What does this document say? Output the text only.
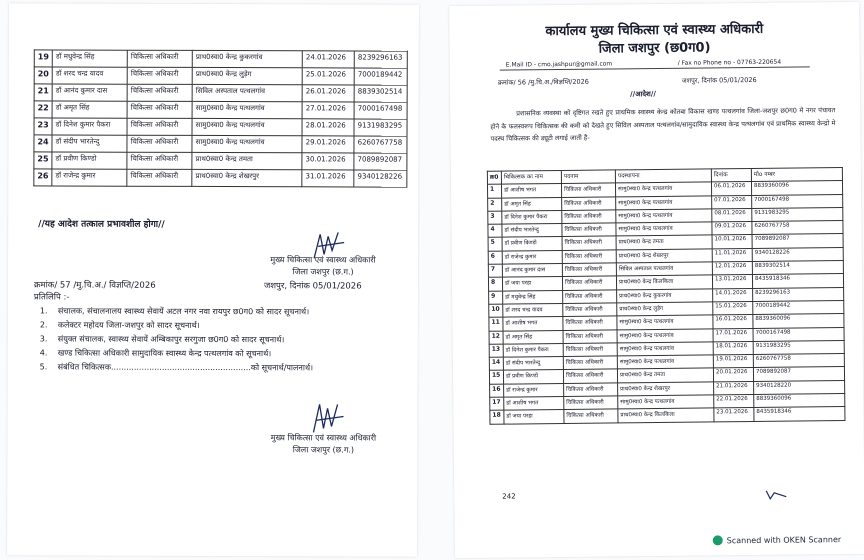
19	डॉ मधुवेन्द्र सिंह	चिकित्सा अधिकारी	प्राथ0स्वा0 केन्द्र कुकरगांव	24.01.2026	8239296163
20	डॉ शरद चन्द्र यादव	चिकित्सा अधिकारी	प्राथ0स्वा0 केन्द्र लुड़ेग	25.01.2026	7000189442
21	डॉ आनंद कुमार दास	चिकित्सा अधिकारी	सिविल अस्पताल पत्थलगांव	26.01.2026	8839302514
22	डॉ अमृत सिंह	चिकित्सा अधिकारी	सामु0स्वा0 केन्द्र पत्थलगांव	27.01.2026	7000167498
23	डॉ दिनेश कुमार पैकरा	चिकित्सा अधिकारी	सामु0स्वा0 केन्द्र पत्थलगांव	28.01.2026	9131983295
24	डॉ संदीप भारतेन्दु	चिकित्सा अधिकारी	सामु0स्वा0 केन्द्र पत्थलगांव	29.01.2026	6260767758
25	डॉ प्रवीण किण्डो	चिकित्सा अधिकारी	प्राथ0स्वा0 केन्द्र तमता	30.01.2026	7089892087
26	डॉ राजेन्द्र कुमार	चिकित्सा अधिकारी	प्राथ0स्वा0 केन्द्र शेखरपुर	31.01.2026	9340128226
//यह आदेश तत्काल प्रभावशील होगा//
मुख्य चिकित्सा एवं स्वास्थ्य अधिकारी
जिला जशपुर (छ.ग.)
क्रमांक/ 57 /मु.चि.अ./ विज्ञप्ति/2026	जशपुर, दिनांक 05/01/2026
प्रतिलिपि :-
1.	संचालक, संचालनालय स्वास्थ्य सेवायें अटल नगर नवा रायपुर छ0ग0 को सादर सूचनार्थ।
2.	कलेक्टर महोदय जिला-जशपुर को सादर सूचनार्थ।
3.	संयुक्त संचालक, स्वास्थ्य सेवायें अम्बिकापुर सरगुजा छ0ग0 को सादर सूचनार्थ।
4.	खण्ड चिकित्सा अधिकारी सामुदायिक स्वास्थ्य केन्द्र पत्थलगांव को सूचनार्थ।
5.	संबंधित चिकित्सक.......................................................को सूचनार्थ/पालनार्थ।
मुख्य चिकित्सा एवं स्वास्थ्य अधिकारी
जिला जशपुर (छ.ग.)
कार्यालय मुख्य चिकित्सा एवं स्वास्थ्य अधिकारी
जिला जशपुर (छ0ग0)
E.Mail ID - cmo.jashpur@gmail.com	/ Fax no Phone no - 07763-220654
क्रमांक/ 56 /मु.चि.अ./विज्ञप्ति/2026	जशपुर, दिनांक 05/01/2026
//आदेश//
प्रशासनिक व्यवस्था को दृष्टिगत रखते हुए प्राथमिक स्वास्थ्य केन्द्र कोतबा विकास खण्ड पत्थलगांव जिला-जशपुर छ0ग0 मे नगर पंचायत होने के फलस्वरूप चिकित्सक की कमी को देखते हुए सिविल अस्पताल पत्थलगांव/सामुदायिक स्वास्थ्य केन्द्र पत्थलगांव एवं प्राथमिक स्वास्थ्य केन्द्रो मे पदस्थ चिकित्सक की ड्यूटी लगाई जाती है-
क्र0	चिकित्सक का नाम	पदनाम	पदस्थापना	दिनांक	मोo नम्बर
1	डॉ आशीष भगत	चिकित्सा अधिकारी	सामु0स्वा0 केन्द्र पत्थलगांव	06.01.2026	8839360096
2	डॉ अमृत सिंह	चिकित्सा अधिकारी	सामु0स्वा0 केन्द्र पत्थलगांव	07.01.2026	7000167498
3	डॉ दिनेश कुमार पैकरा	चिकित्सा अधिकारी	सामु0स्वा0 केन्द्र पत्थलगांव	08.01.2026	9131983295
4	डॉ संदीप भारतेन्दु	चिकित्सा अधिकारी	सामु0स्वा0 केन्द्र पत्थलगांव	09.01.2026	6260767758
5	डॉ प्रवीण किण्डो	चिकित्सा अधिकारी	प्राथ0स्वा0 केन्द्र तमता	10.01.2026	7089892087
6	डॉ राजेन्द्र कुमार	चिकित्सा अधिकारी	प्राथ0स्वा0 केन्द्र शेखरपुर	11.01.2026	9340128226
7	डॉ आनंद कुमार दास	चिकित्सा अधिकारी	सिविल अस्पताल पत्थलगांव	12.01.2026	8839302514
8	डॉ जया परहा	चिकित्सा अधिकारी	प्राथ0स्वा0 केन्द्र किलकिला	13.01.2026	8435918346
9	डॉ मधुवेन्द्र सिंह	चिकित्सा अधिकारी	प्राथ0स्वा0 केन्द्र कुकरगांव	14.01.2026	8239296163
10	डॉ शरद चन्द्र यादव	चिकित्सा अधिकारी	प्राथ0स्वा0 केन्द्र लुड़ेग	15.01.2026	7000189442
11	डॉ आशीष भगत	चिकित्सा अधिकारी	सामु0स्वा0 केन्द्र पत्थलगांव	16.01.2026	8839360096
12	डॉ अमृत सिंह	चिकित्सा अधिकारी	सामु0स्वा0 केन्द्र पत्थलगांव	17.01.2026	7000167498
13	डॉ दिनेश कुमार पैकरा	चिकित्सा अधिकारी	सामु0स्वा0 केन्द्र पत्थलगांव	18.01.2026	9131983295
14	डॉ संदीप भारतेन्दु	चिकित्सा अधिकारी	सामु0स्वा0 केन्द्र पत्थलगांव	19.01.2026	6260767758
15	डॉ प्रवीण किण्डो	चिकित्सा अधिकारी	प्राथ0स्वा0 केन्द्र तमता	20.01.2026	7089892087
16	डॉ राजेन्द्र कुमार	चिकित्सा अधिकारी	प्राथ0स्वा0 केन्द्र शेखरपुर	21.01.2026	9340128220
17	डॉ आशीष भगत	चिकित्सा अधिकारी	सामु0स्वा0 केन्द्र पत्थलगांव	22.01.2026	8839360096
18	डॉ जया परहा	चिकित्सा अधिकारी	प्राथ0स्वा0 केन्द्र किलकिला	23.01.2026	8435918346
242
Scanned with OKEN Scanner
